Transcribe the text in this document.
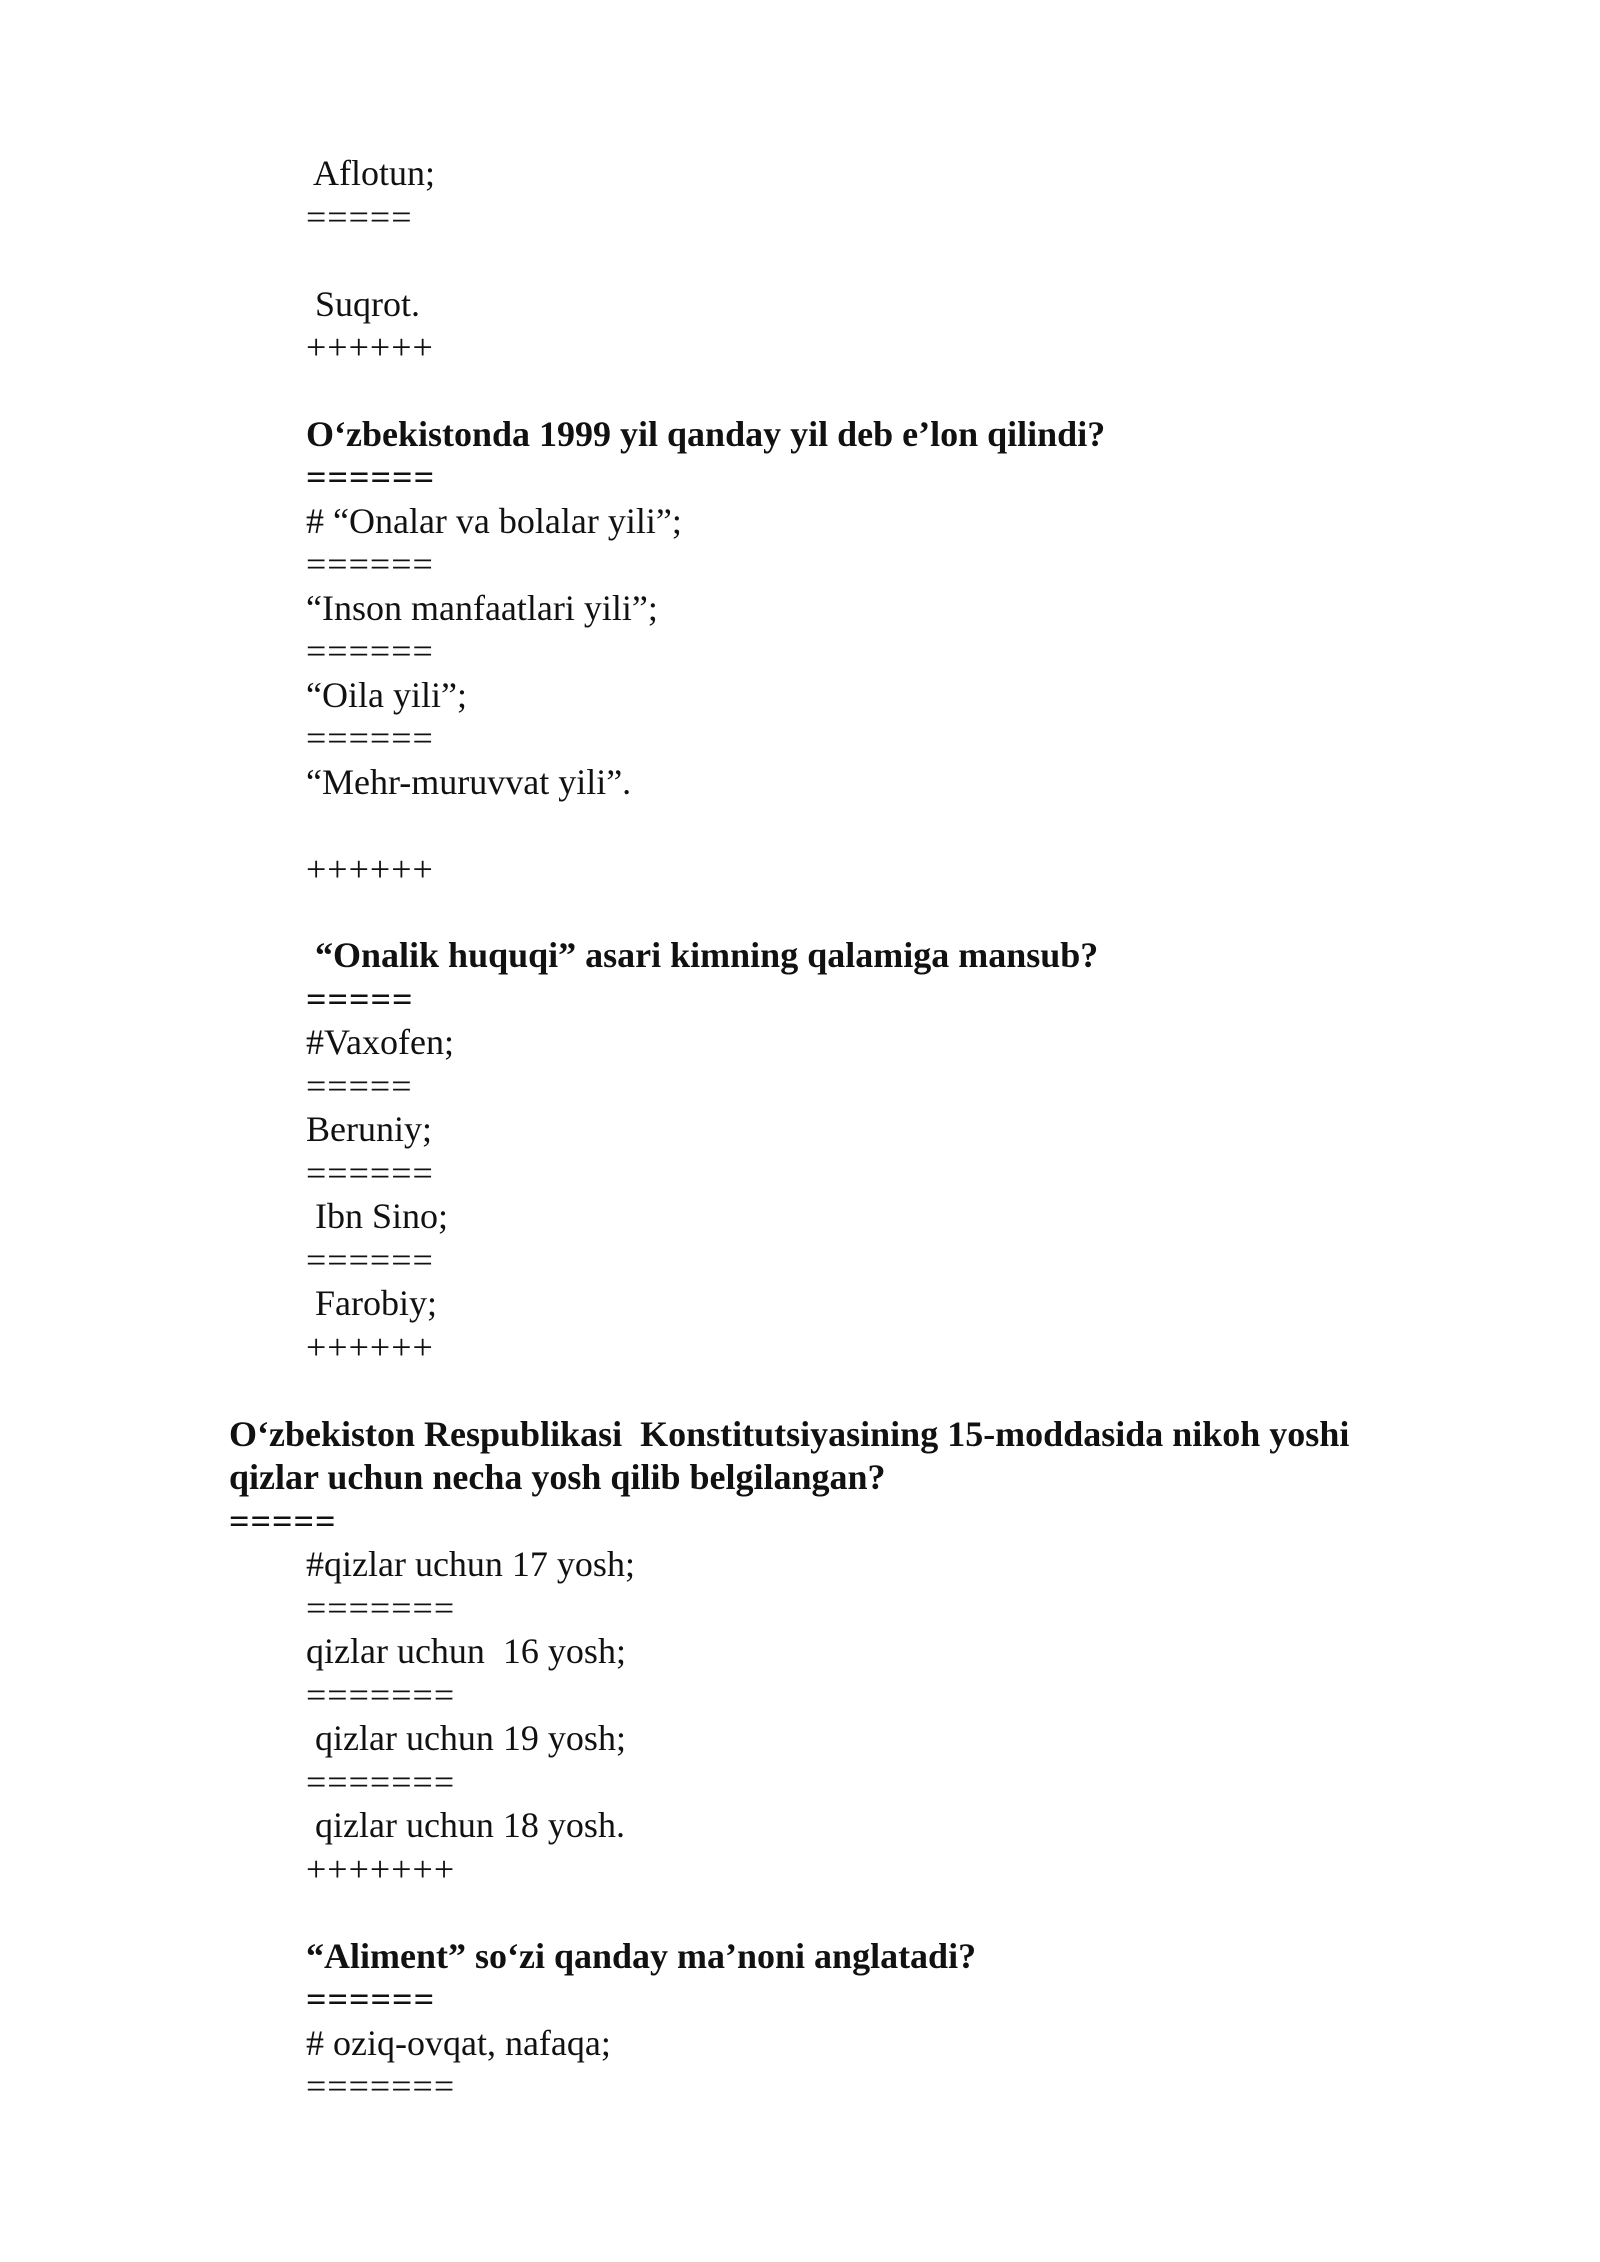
Aflotun;
=====
Suqrot.
++++++
O‘zbekistonda 1999 yil qanday yil deb e’lon qilindi?
======
# “Onalar va bolalar yili”;
======
“Inson manfaatlari yili”;
======
“Oila yili”;
======
“Mehr-muruvvat yili”.
++++++
“Onalik huquqi” asari kimning qalamiga mansub?
=====
#Vaxofen;
=====
Beruniy;
======
Ibn Sino;
======
Farobiy;
++++++
O‘zbekiston Respublikasi  Konstitutsiyasining 15-moddasida nikoh yoshi
qizlar uchun necha yosh qilib belgilangan?
=====
#qizlar uchun 17 yosh;
=======
qizlar uchun  16 yosh;
=======
qizlar uchun 19 yosh;
=======
qizlar uchun 18 yosh.
+++++++
“Aliment” so‘zi qanday ma’noni anglatadi?
======
# oziq-ovqat, nafaqa;
=======
